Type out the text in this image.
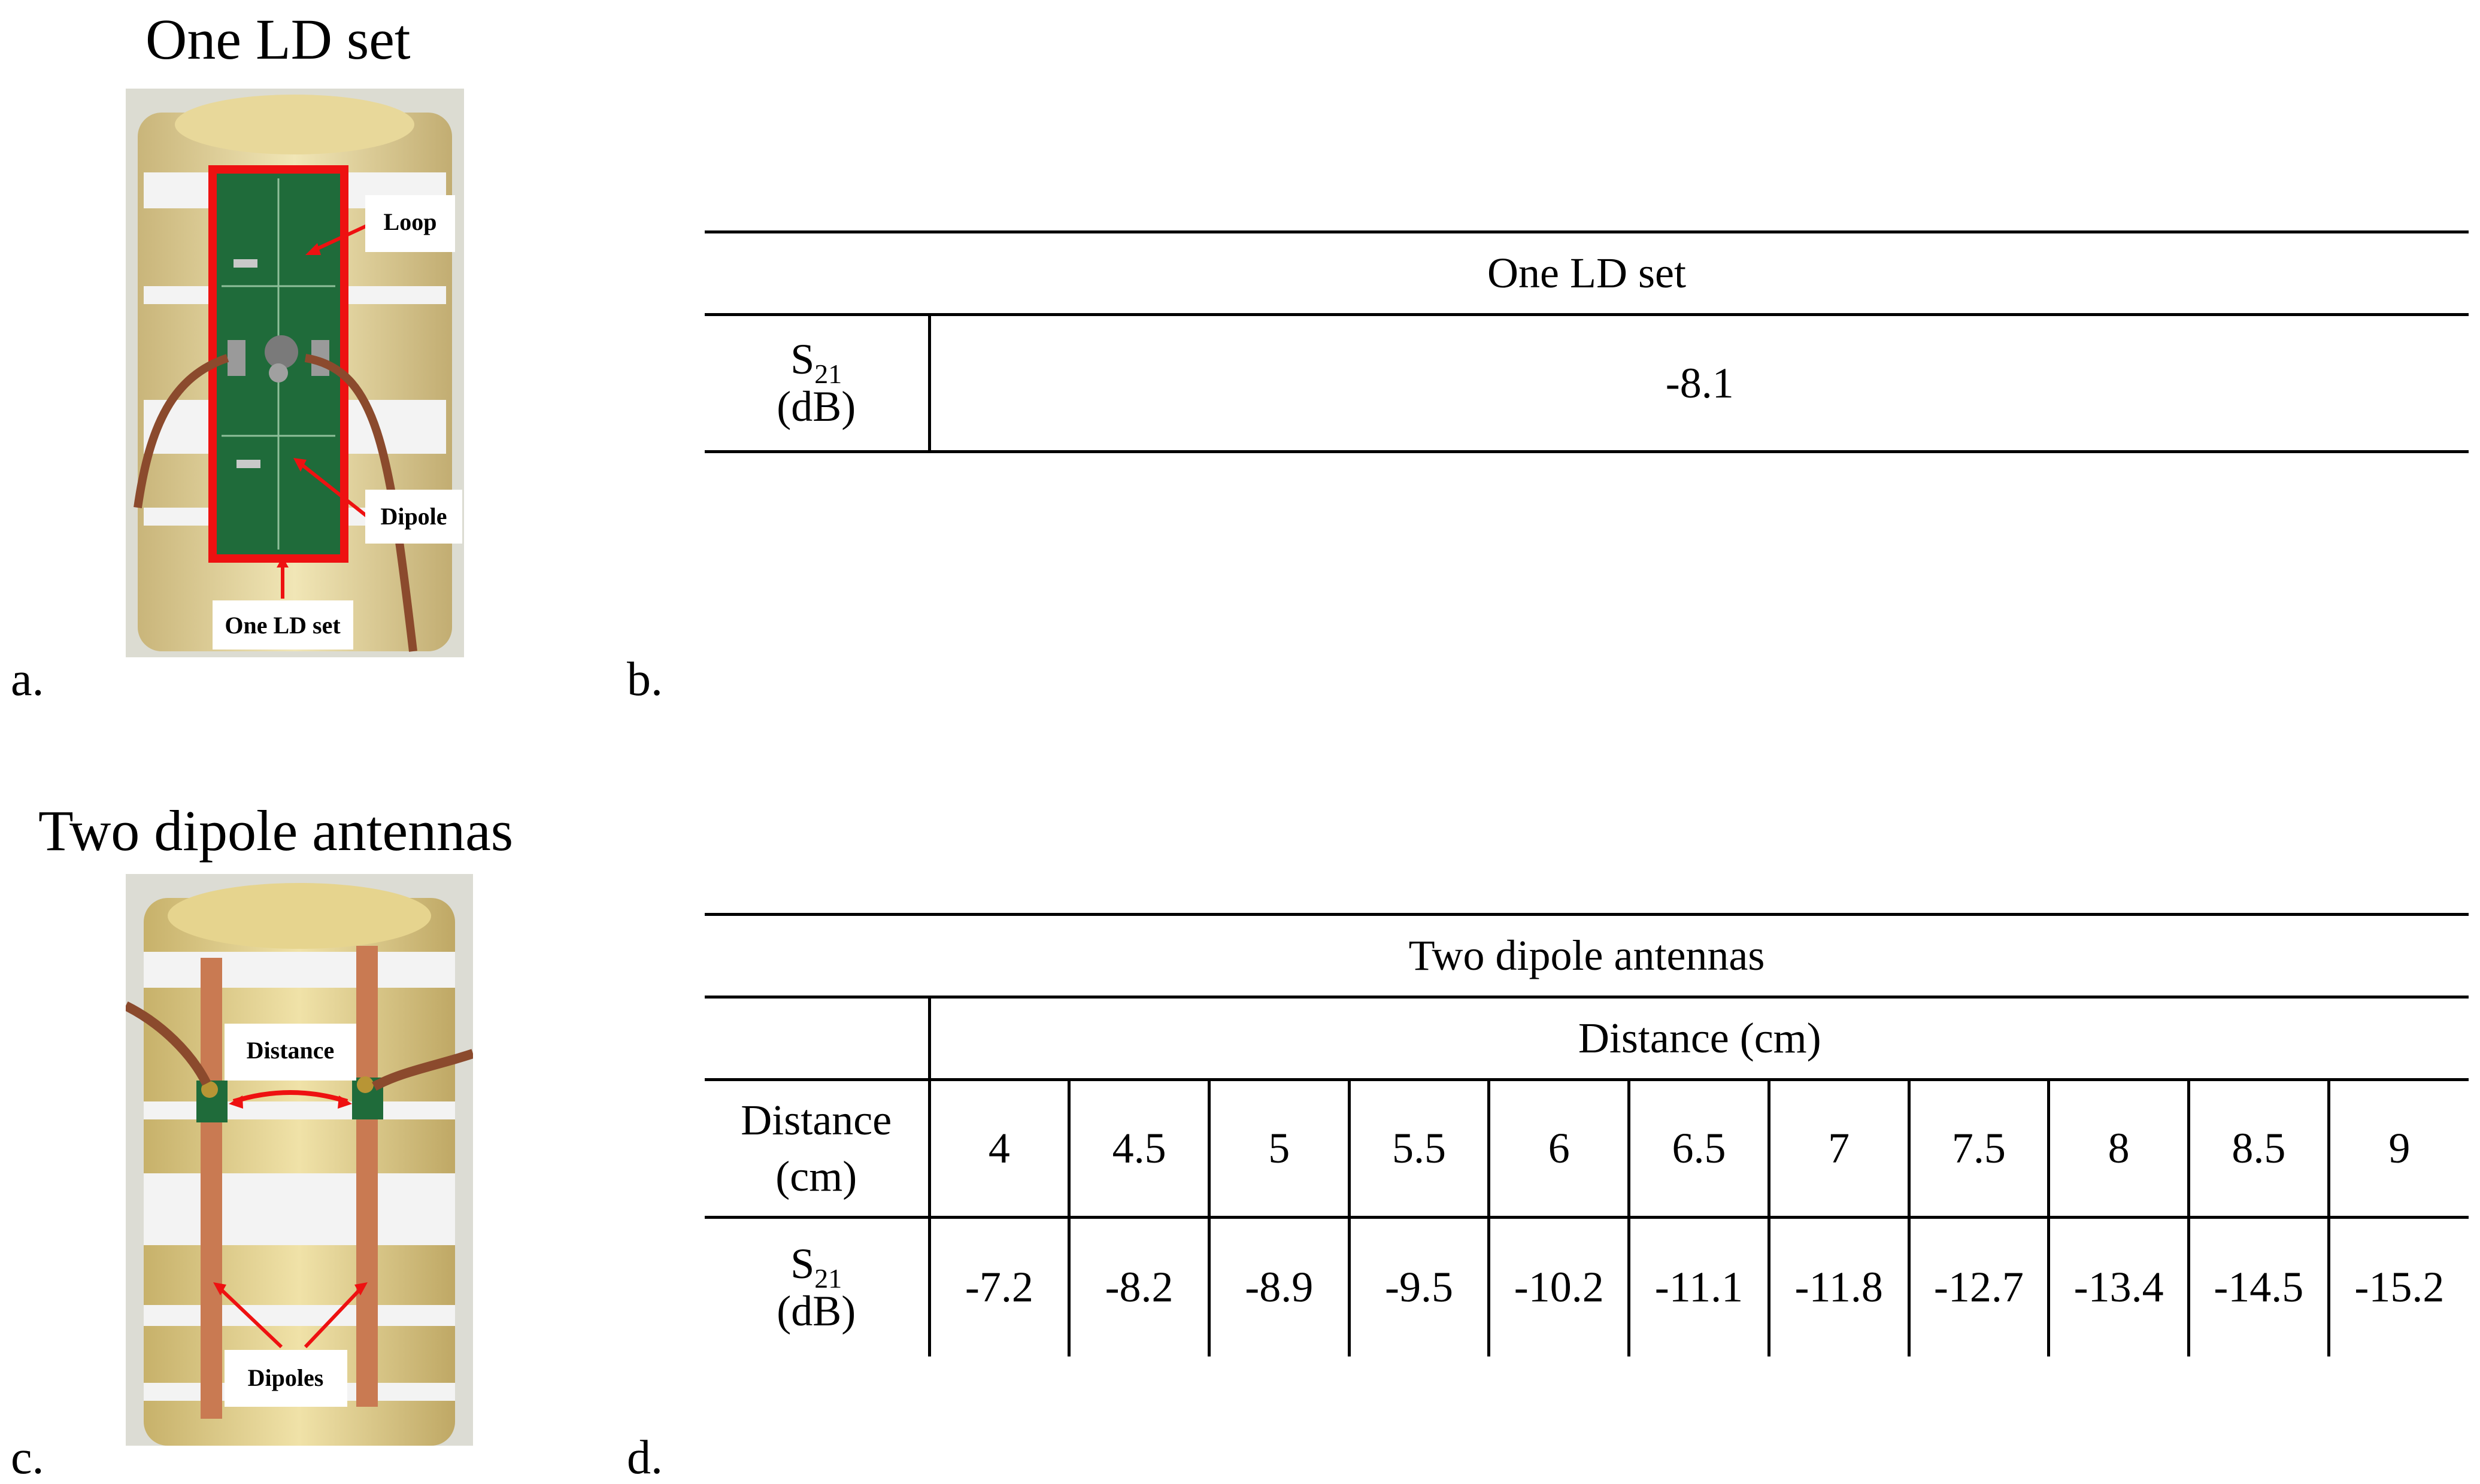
One LD set
Loop
Dipole
One LD set
a.
One LD set
$S_{21}$
(dB)	-8.1
b.
Two dipole antennas
Distance
Dipoles
c.
Two dipole antennas											
	Distance (cm)										
Distance
(cm)	4	4.5	5	5.5	6	6.5	7	7.5	8	8.5	9
$S_{21}$
(dB)	-7.2	-8.2	-8.9	-9.5	-10.2	-11.1	-11.8	-12.7	-13.4	-14.5	-15.2
d.
